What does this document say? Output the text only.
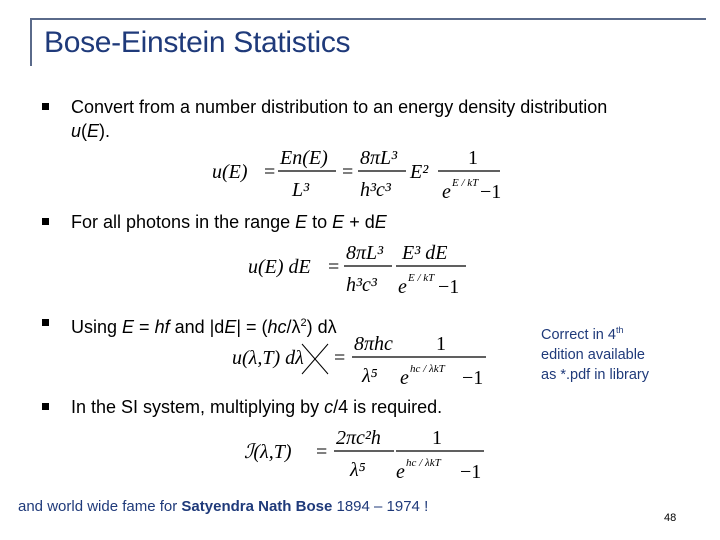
Bose-Einstein Statistics
Convert from a number distribution to an energy density distribution u(E).
u(E) =
En(E)
L³
=
8πL³
h³c³
E²
1
e E / kT −1
For all photons in the range E to E + dE
u(E) dE =
8πL³
h³c³
E³ dE
e E / kT −1
Using E = hf and $|dE| = (hc/\lambda^2)$ dλ
u(λ,T) dλ =
8πhc
λ⁵
1
e hc / λkT −1
Correct in 4th
edition available
as *.pdf in library
In the SI system, multiplying by c/4 is required.
ℐ(λ,T) =
2πc²h
λ⁵
1
e hc / λkT −1
and world wide fame for Satyendra Nath Bose 1894 – 1974 !
48
